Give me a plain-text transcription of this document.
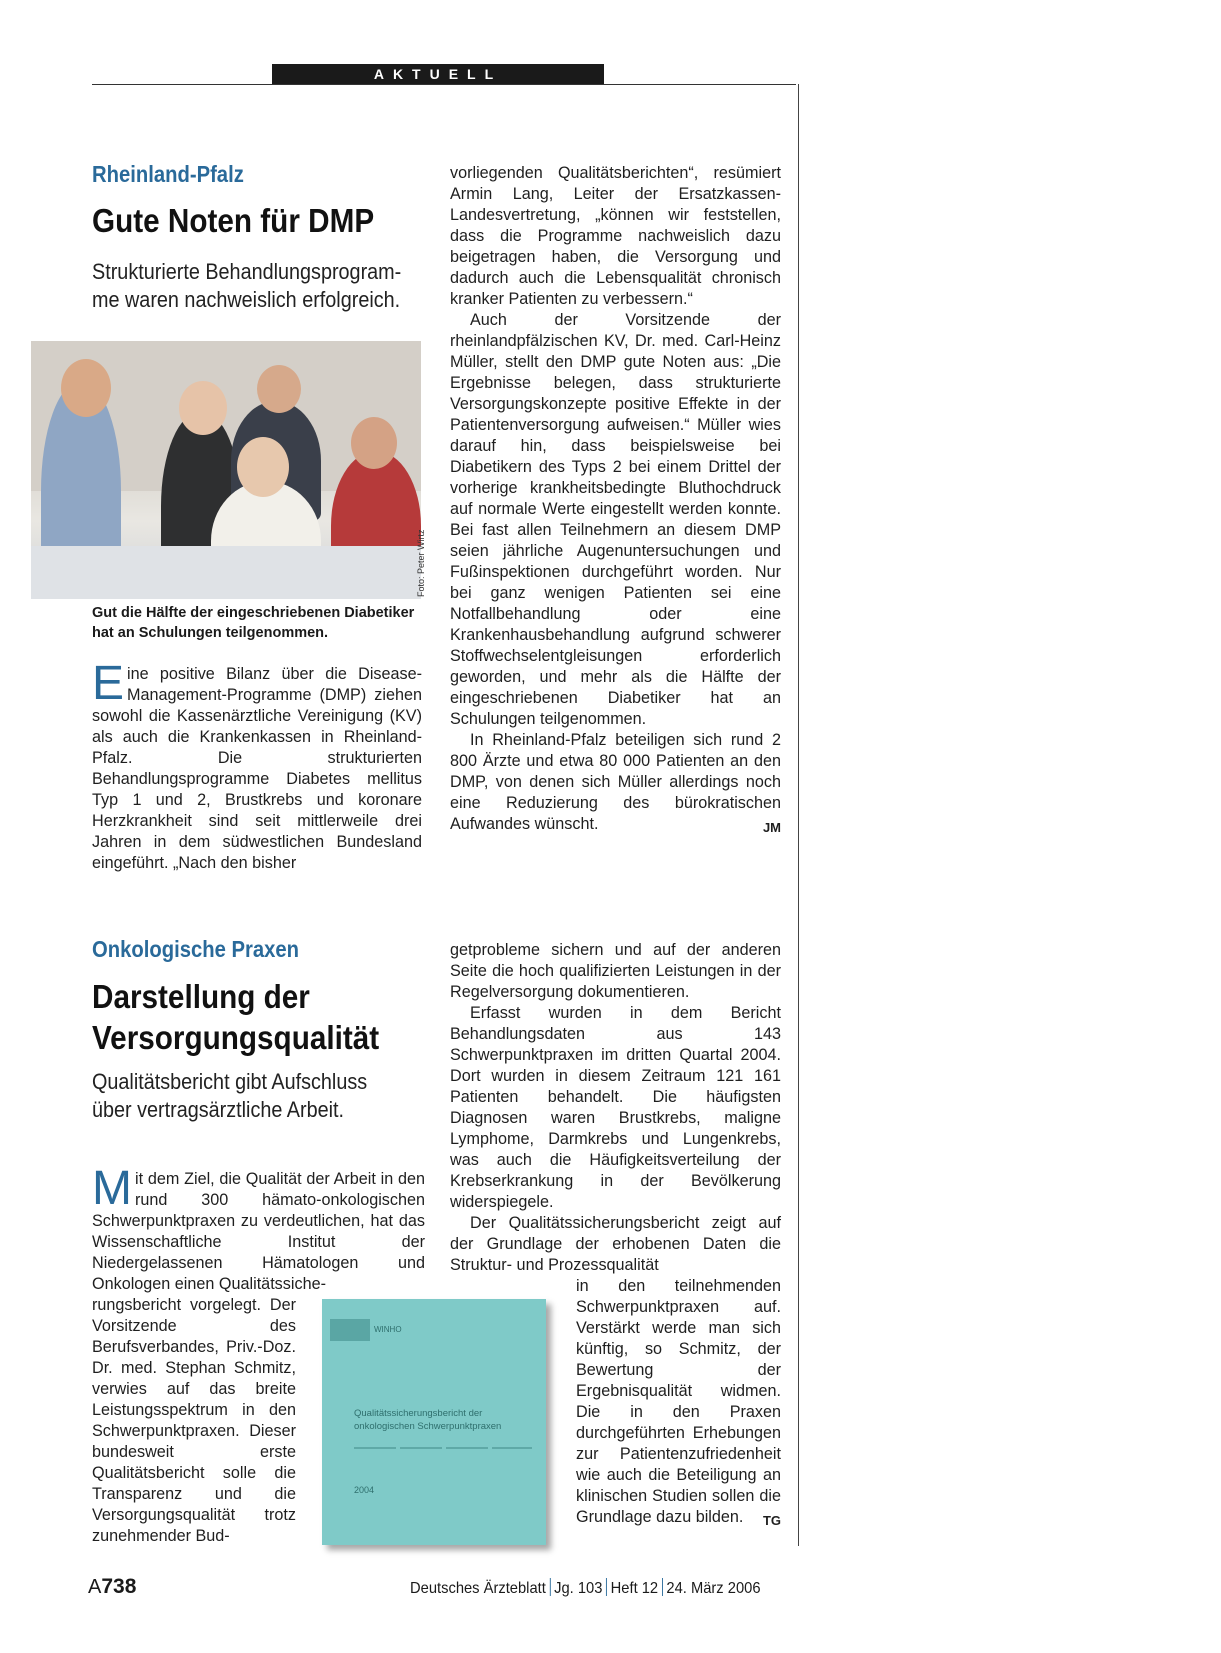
AKTUELL
Rheinland-Pfalz
Gute Noten für DMP
Strukturierte Behandlungsprogram-
me waren nachweislich erfolgreich.
Foto: Peter Wirtz
Gut die Hälfte der eingeschriebenen Diabetiker hat an Schulungen teilgenommen.

Eine positive Bilanz über die Disease-Management-Programme (DMP) ziehen sowohl die Kassenärztliche Vereinigung (KV) als auch die Krankenkassen in Rheinland-Pfalz. Die strukturierten Behandlungsprogramme Diabetes mellitus Typ 1 und 2, Brustkrebs und koronare Herzkrankheit sind seit mittlerweile drei Jahren in dem südwestlichen Bundesland eingeführt. „Nach den bisher

vorliegenden Qualitätsberichten“, resümiert Armin Lang, Leiter der Ersatzkassen-Landesvertretung, „können wir feststellen, dass die Programme nachweislich dazu beigetragen haben, die Versorgung und dadurch auch die Lebensqualität chronisch kranker Patienten zu verbessern.“

Auch der Vorsitzende der rheinlandpfälzischen KV, Dr. med. Carl-Heinz Müller, stellt den DMP gute Noten aus: „Die Ergebnisse belegen, dass strukturierte Versorgungskonzepte positive Effekte in der Patientenversorgung aufweisen.“ Müller wies darauf hin, dass beispielsweise bei Diabetikern des Typs 2 bei einem Drittel der vorherige krankheitsbedingte Bluthochdruck auf normale Werte eingestellt werden konnte. Bei fast allen Teilnehmern an diesem DMP seien jährliche Augenuntersuchungen und Fußinspektionen durchgeführt worden. Nur bei ganz wenigen Patienten sei eine Notfallbehandlung oder eine Krankenhausbehandlung aufgrund schwerer Stoffwechselentgleisungen erforderlich geworden, und mehr als die Hälfte der eingeschriebenen Diabetiker hat an Schulungen teilgenommen.

In Rheinland-Pfalz beteiligen sich rund 2 800 Ärzte und etwa 80 000 Patienten an den DMP, von denen sich Müller allerdings noch eine Reduzierung des bürokratischen Aufwandes wünscht.	JM

Onkologische Praxen
Darstellung der
Versorgungsqualität
Qualitätsbericht gibt Aufschluss
über vertragsärztliche Arbeit.

Mit dem Ziel, die Qualität der Arbeit in den rund 300 hämato-onkologischen Schwerpunktpraxen zu verdeutlichen, hat das Wissenschaftliche Institut der Niedergelassenen Hämatologen und Onkologen einen Qualitätssiche-

rungsbericht vorgelegt. Der Vorsitzende des Berufsverbandes, Priv.-Doz. Dr. med. Stephan Schmitz, verwies auf das breite Leistungsspektrum in den Schwerpunktpraxen. Dieser bundesweit erste Qualitätsbericht solle die Transparenz und die Versorgungsqualität trotz zunehmender Bud-

WINHO
Qualitätssicherungsbericht der
onkologischen Schwerpunktpraxen
2004

getprobleme sichern und auf der anderen Seite die hoch qualifizierten Leistungen in der Regelversorgung dokumentieren.

Erfasst wurden in dem Bericht Behandlungsdaten aus 143 Schwerpunktpraxen im dritten Quartal 2004. Dort wurden in diesem Zeitraum 121 161 Patienten behandelt. Die häufigsten Diagnosen waren Brustkrebs, maligne Lymphome, Darmkrebs und Lungenkrebs, was auch die Häufigkeitsverteilung der Krebserkrankung in der Bevölkerung widerspiegele.

Der Qualitätssicherungsbericht zeigt auf der Grundlage der erhobenen Daten die Struktur- und Prozessqualität

in den teilnehmenden Schwerpunktpraxen auf. Verstärkt werde man sich künftig, so Schmitz, der Bewertung der Ergebnisqualität widmen. Die in den Praxen durchgeführten Erhebungen zur Patientenzufriedenheit wie auch die Beteiligung an klinischen Studien sollen die Grundlage dazu bilden. TG

A738	Deutsches Ärzteblatt Jg. 103 Heft 12 24. März 2006
